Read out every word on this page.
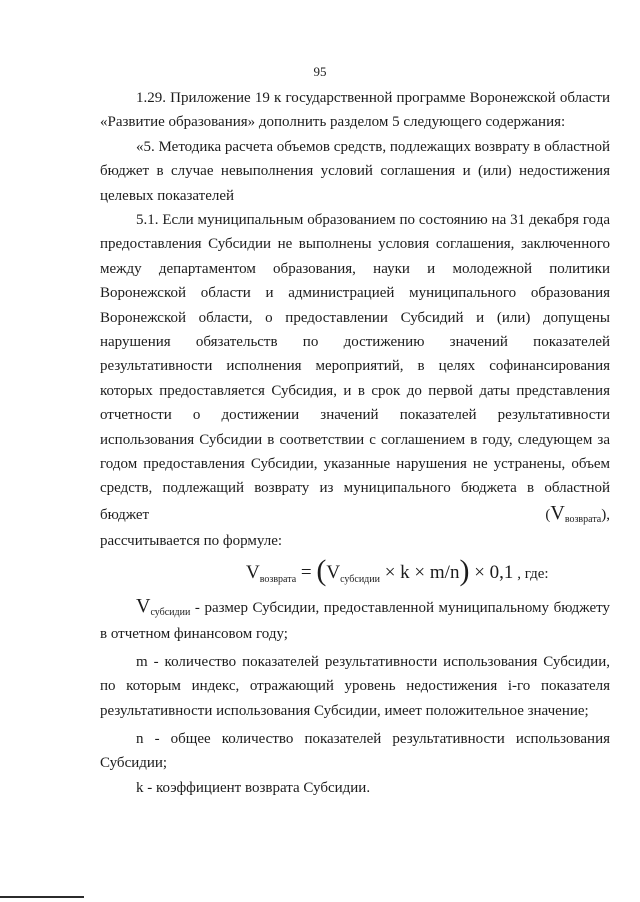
95

1.29. Приложение 19 к государственной программе Воронежской области «Развитие образования» дополнить разделом 5 следующего содержания:

«5. Методика расчета объемов средств, подлежащих возврату в областной бюджет в случае невыполнения условий соглашения и (или) недостижения целевых показателей

5.1. Если муниципальным образованием по состоянию на 31 декабря года предоставления Субсидии не выполнены условия соглашения, заключенного между департаментом образования, науки и молодежной политики Воронежской области и администрацией муниципального образования Воронежской области, о предоставлении Субсидий и (или) допущены нарушения обязательств по достижению значений показателей результативности исполнения мероприятий, в целях софинансирования которых предоставляется Субсидия, и в срок до первой даты представления отчетности о достижении значений показателей результативности использования Субсидии в соответствии с соглашением в году, следующем за годом предоставления Субсидии, указанные нарушения не устранены, объем средств, подлежащий возврату из муниципального бюджета в областной бюджет $(V_{возврата})$,

рассчитывается по формуле:

$V_{возврата} = (V_{субсидии} \times k \times m/n) \times 0,1$ , где:

$V_{субсидии}$ - размер Субсидии, предоставленной муниципальному бюджету в отчетном финансовом году;

m - количество показателей результативности использования Субсидии, по которым индекс, отражающий уровень недостижения i-го показателя результативности использования Субсидии, имеет положительное значение;

n - общее количество показателей результативности использования Субсидии;

k - коэффициент возврата Субсидии.
